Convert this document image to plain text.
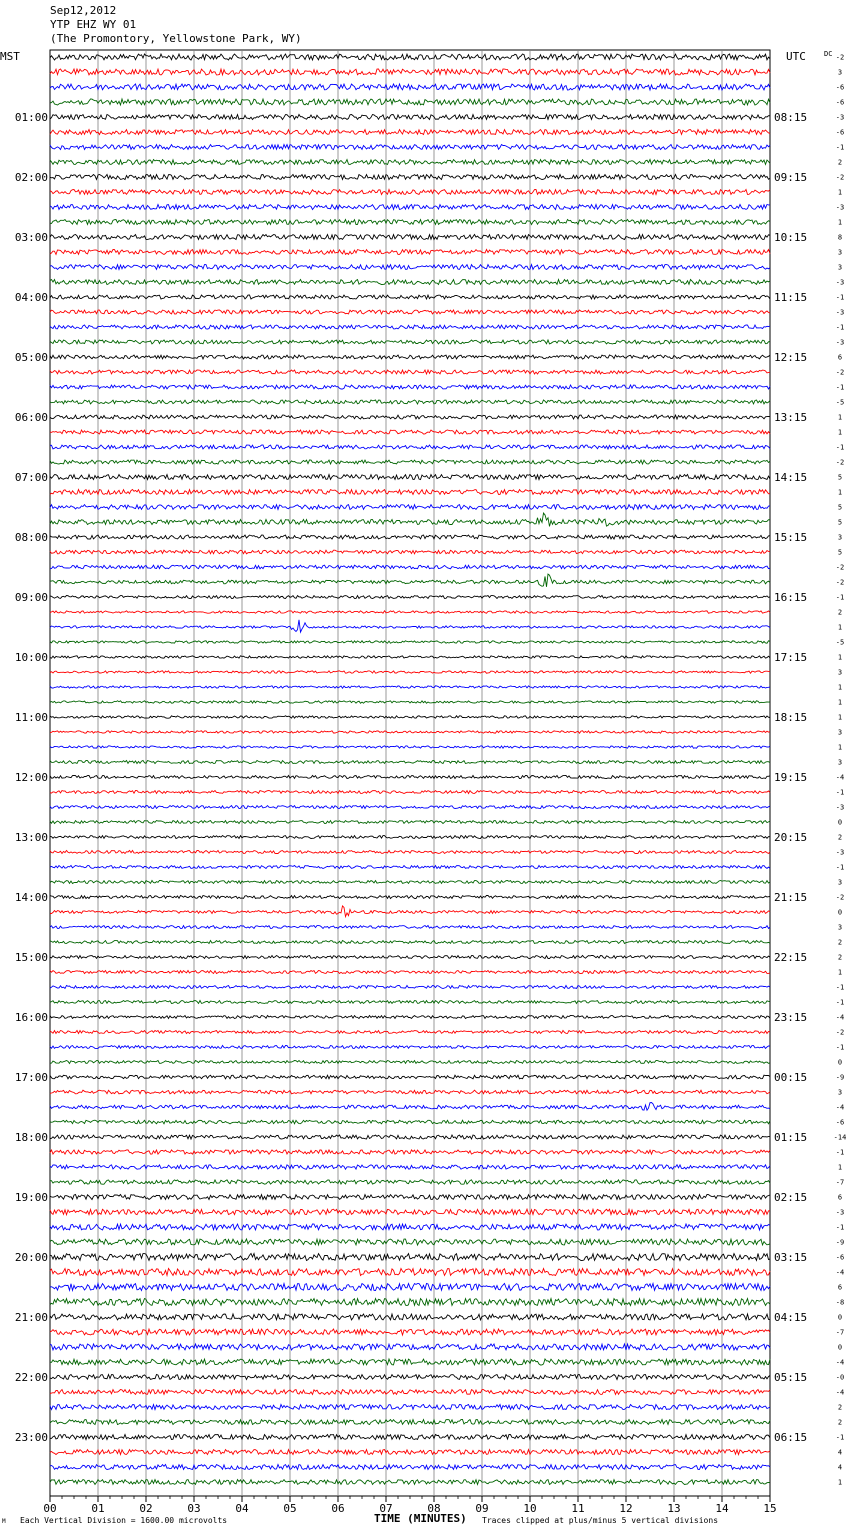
Sep12,2012
YTP EHZ WY 01
(The Promontory, Yellowstone Park, WY)
MST	UTC	DC -2
3
-6
-6
-3
-6
-1
2
-2
1
-3
1
8
3
3
-3
-1
-3
-1
-3
6
-2
-1
-5
1
1
-1
-2
5
1
5
5
3
5
-2
-2
-1
2
1
-5
1
3
1
1
1
3
1
3
-4
-1
-3
0
2
-3
-1
3
-2
0
3
2
2
1
-1
-1
-4
-2
-1
0
-9
3
-4
-6
-14
-1
1
-7
6
-3
-1
-9
-6
-4
6
-8
0
-7
0
-4
-0
-4
2
2
-1
4
4
1
01:00
02:00
03:00
04:00
05:00
06:00
07:00
08:00
09:00
10:00
11:00
12:00
13:00
14:00
15:00
16:00
17:00
18:00
19:00
20:00
21:00
22:00
23:00
08:15
09:15
10:15
11:15
12:15
13:15
14:15
15:15
16:15
17:15
18:15
19:15
20:15
21:15
22:15
23:15
00:15
01:15
02:15
03:15
04:15
05:15
06:15
00	01	02	03	04	05	06	07	08	09	10	11	12	13	14	15
TIME (MINUTES)
M Each Vertical Division = 1600.00 microvolts	Traces clipped at plus/minus 5 vertical divisions
